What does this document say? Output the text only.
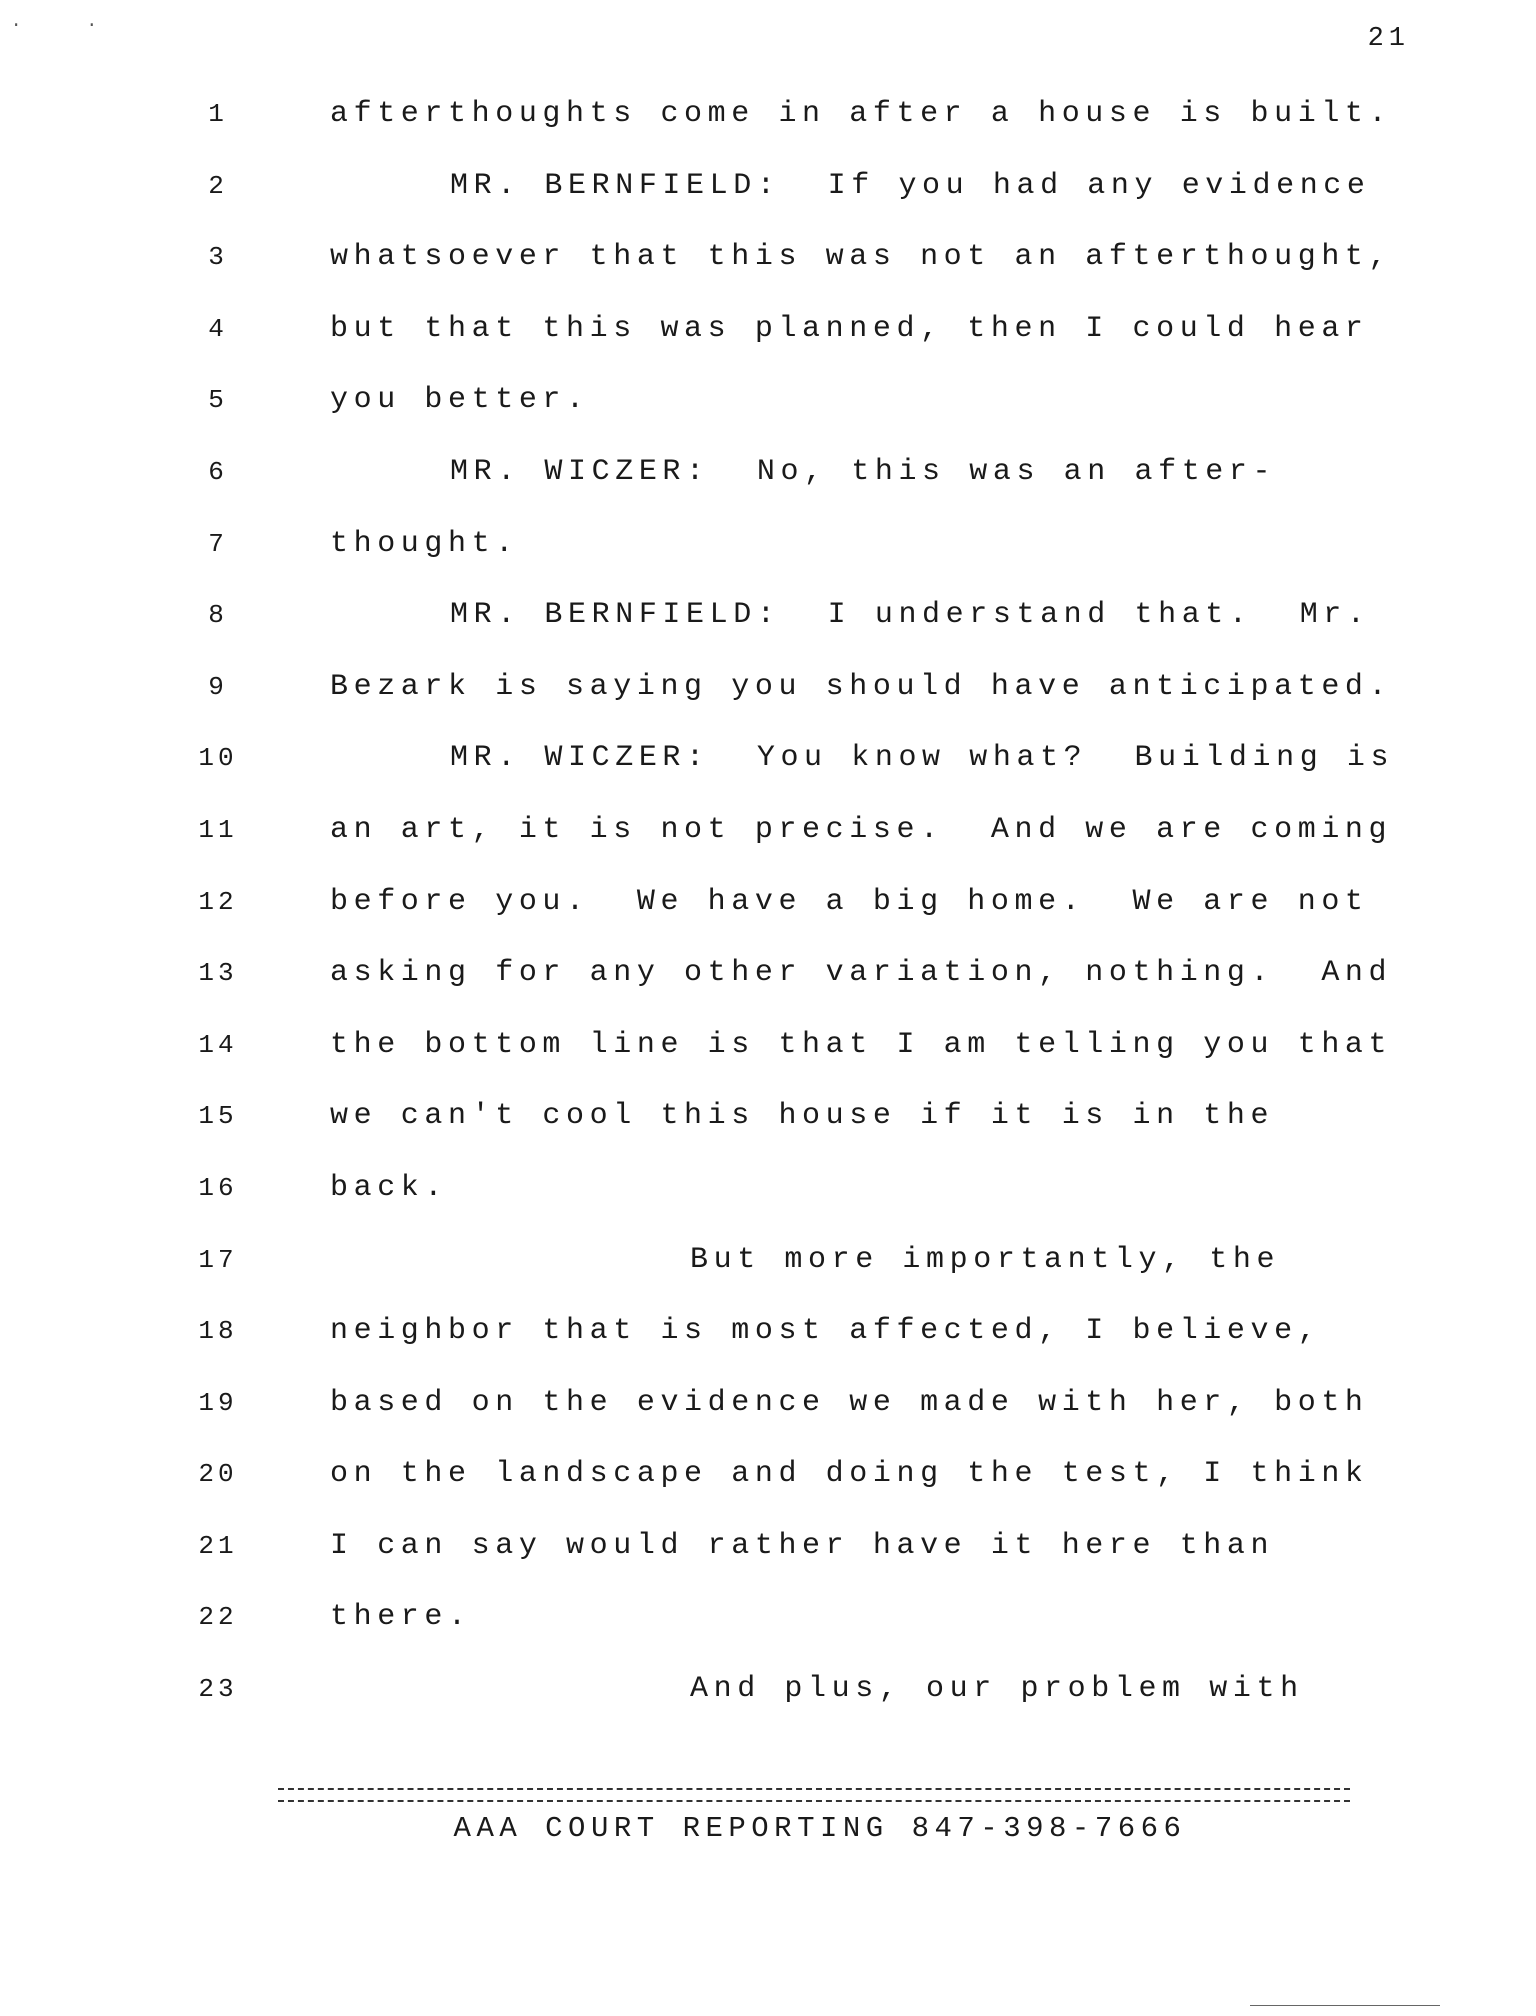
·      ·	21
1	afterthoughts come in after a house is built.
2	MR. BERNFIELD:  If you had any evidence
3	whatsoever that this was not an afterthought,
4	but that this was planned, then I could hear
5	you better.
6	MR. WICZER:  No, this was an after-
7	thought.
8	MR. BERNFIELD:  I understand that.  Mr.
9	Bezark is saying you should have anticipated.
10	MR. WICZER:  You know what?  Building is
11	an art, it is not precise.  And we are coming
12	before you.  We have a big home.  We are not
13	asking for any other variation, nothing.  And
14	the bottom line is that I am telling you that
15	we can't cool this house if it is in the
16	back.
17	But more importantly, the
18	neighbor that is most affected, I believe,
19	based on the evidence we made with her, both
20	on the landscape and doing the test, I think
21	I can say would rather have it here than
22	there.
23	And plus, our problem with
AAA COURT REPORTING 847-398-7666
